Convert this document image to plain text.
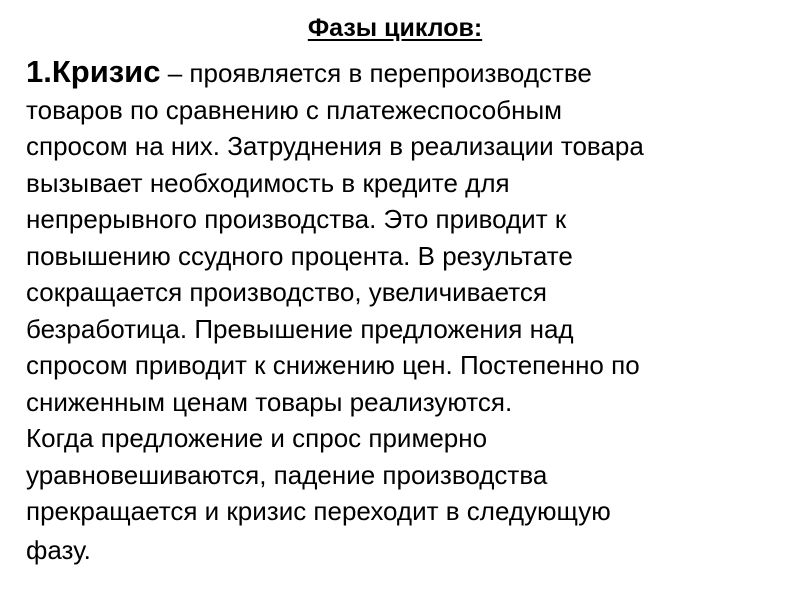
Фазы циклов:
1.Кризис – проявляется в перепроизводстве
товаров по сравнению с платежеспособным
спросом на них. Затруднения в реализации товара
вызывает необходимость в кредите для
непрерывного производства. Это приводит к
повышению ссудного процента. В результате
сокращается производство, увеличивается
безработица. Превышение предложения над
спросом приводит к снижению цен. Постепенно по
сниженным ценам товары реализуются.
Когда предложение и спрос примерно
уравновешиваются, падение производства
прекращается и кризис переходит в следующую
фазу.
